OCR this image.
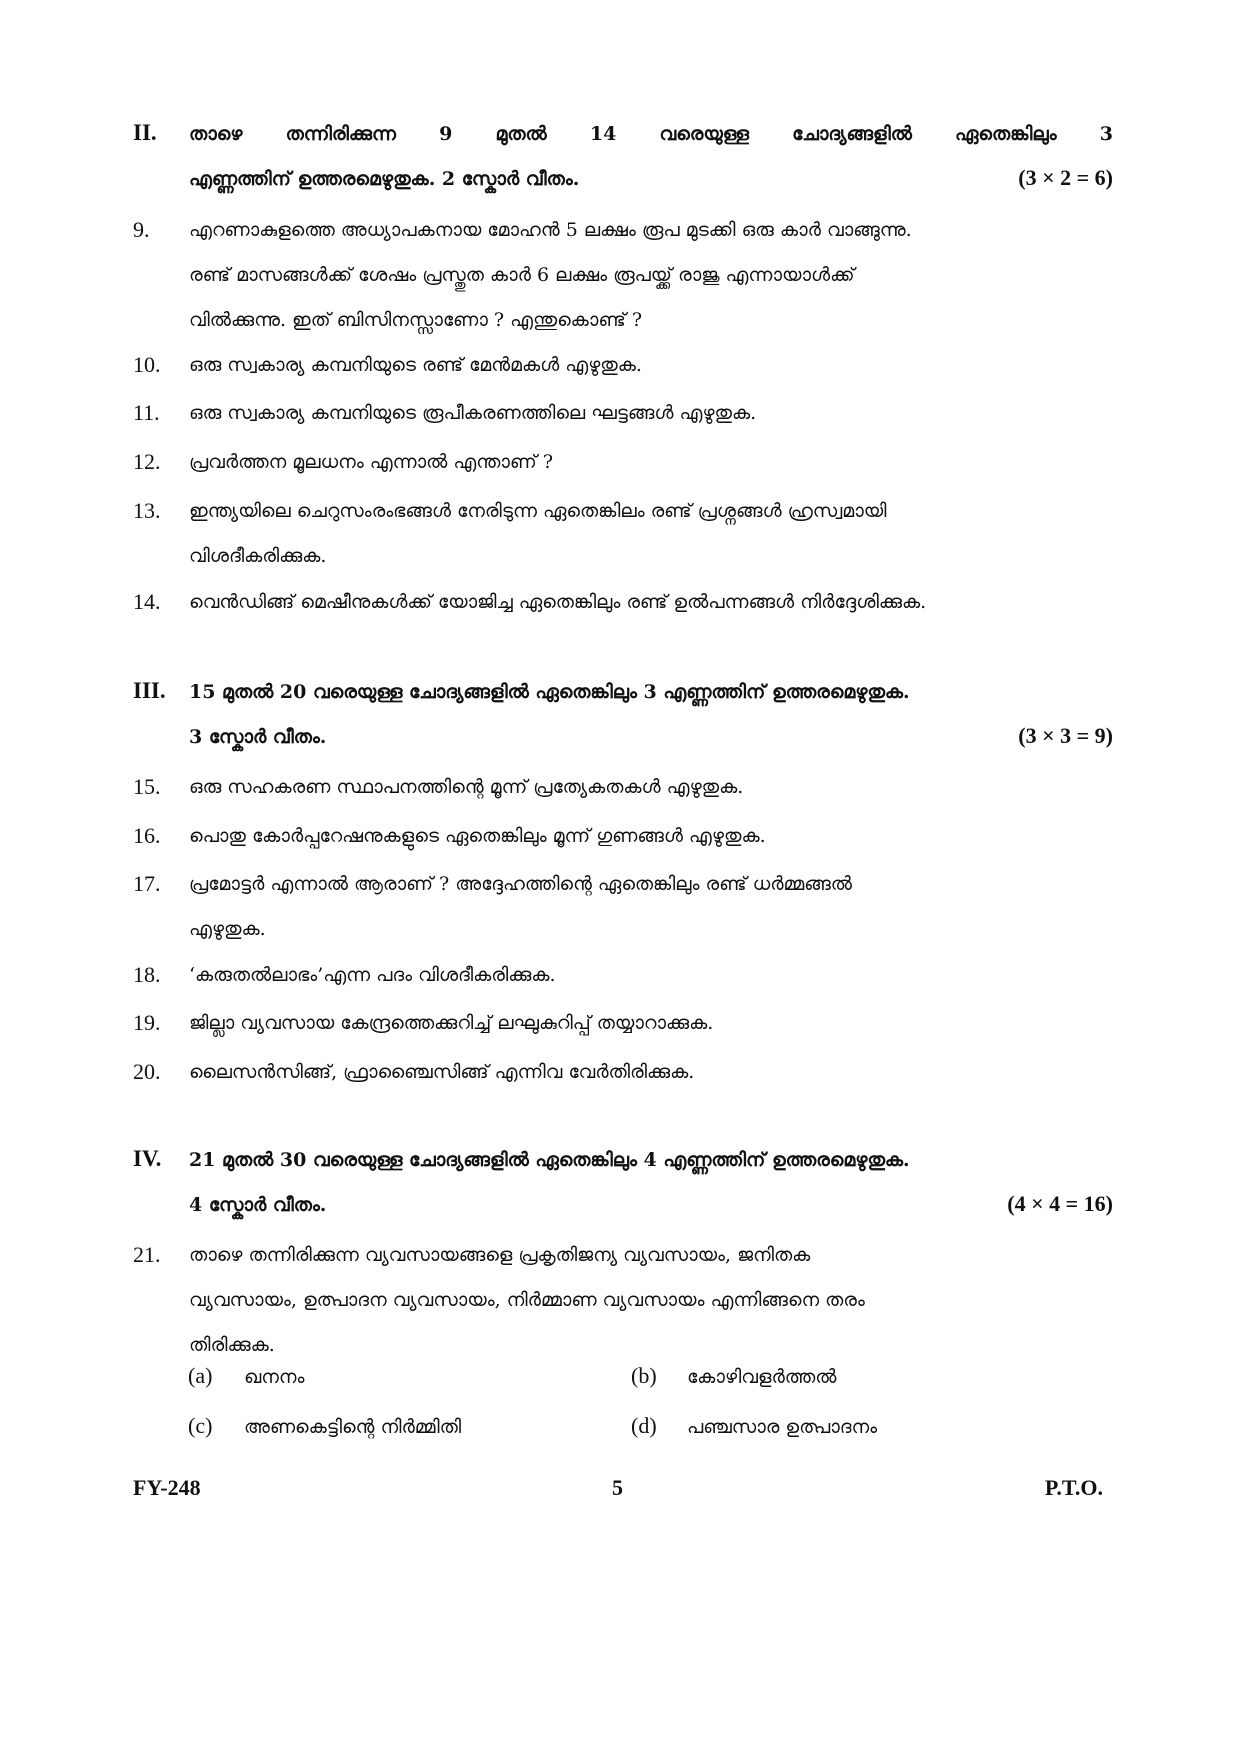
II. താഴെ തന്നിരിക്കുന്ന 9 മുതൽ 14 വരെയുള്ള ചോദ്യങ്ങളിൽ ഏതെങ്കിലും 3
എണ്ണത്തിന് ഉത്തരമെഴുതുക. 2 സ്കോർ വീതം.	(3 × 2 = 6)
9.	എറണാകുളത്തെ അധ്യാപകനായ മോഹൻ 5 ലക്ഷം രൂപ മുടക്കി ഒരു കാർ വാങ്ങുന്നു.
രണ്ട് മാസങ്ങൾക്ക് ശേഷം പ്രസ്തുത കാർ 6 ലക്ഷം രൂപയ്ക്ക് രാജു എന്നായാൾക്ക്
വിൽക്കുന്നു. ഇത് ബിസിനസ്സാണോ ? എന്തുകൊണ്ട് ?
10.	ഒരു സ്വകാര്യ കമ്പനിയുടെ രണ്ട് മേൻമകൾ എഴുതുക.
11.	ഒരു സ്വകാര്യ കമ്പനിയുടെ രൂപീകരണത്തിലെ ഘട്ടങ്ങൾ എഴുതുക.
12.	പ്രവർത്തന മൂലധനം എന്നാൽ എന്താണ് ?
13.	ഇന്ത്യയിലെ ചെറുസംരംഭങ്ങൾ നേരിടുന്ന ഏതെങ്കിലം രണ്ട് പ്രശ്നങ്ങൾ ഹ്രസ്വമായി
വിശദീകരിക്കുക.
14.	വെൻഡിങ്ങ് മെഷീനുകൾക്ക് യോജിച്ച ഏതെങ്കിലും രണ്ട് ഉൽപന്നങ്ങൾ നിർദ്ദേശിക്കുക.
III. 15 മുതൽ 20 വരെയുള്ള ചോദ്യങ്ങളിൽ ഏതെങ്കിലും 3 എണ്ണത്തിന് ഉത്തരമെഴുതുക.
3 സ്കോർ വീതം.	(3 × 3 = 9)
15.	ഒരു സഹകരണ സ്ഥാപനത്തിന്റെ മൂന്ന് പ്രത്യേകതകൾ എഴുതുക.
16.	പൊതു കോർപ്പറേഷനുകളുടെ ഏതെങ്കിലും മൂന്ന് ഗുണങ്ങൾ എഴുതുക.
17.	പ്രമോട്ടർ എന്നാൽ ആരാണ് ? അദ്ദേഹത്തിന്റെ ഏതെങ്കിലും രണ്ട് ധർമ്മങ്ങൽ
എഴുതുക.
18.	‘കരുതൽലാഭം’എന്ന പദം വിശദീകരിക്കുക.
19.	ജില്ലാ വ്യവസായ കേന്ദ്രത്തെക്കുറിച്ച് ലഘുകുറിപ്പ് തയ്യാറാക്കുക.
20.	ലൈസൻസിങ്ങ്, ഫ്രാഞ്ചൈസിങ്ങ് എന്നിവ വേർതിരിക്കുക.
IV. 21 മുതൽ 30 വരെയുള്ള ചോദ്യങ്ങളിൽ ഏതെങ്കിലും 4 എണ്ണത്തിന് ഉത്തരമെഴുതുക.
4 സ്കോർ വീതം.	(4 × 4 = 16)
21.	താഴെ തന്നിരിക്കുന്ന വ്യവസായങ്ങളെ പ്രകൃതിജന്യ വ്യവസായം, ജനിതക
വ്യവസായം, ഉത്പാദന വ്യവസായം, നിർമ്മാണ വ്യവസായം എന്നിങ്ങനെ തരം
തിരിക്കുക.
(a) ഖനനം	(b) കോഴിവളർത്തൽ
(c) അണകെട്ടിന്റെ നിർമ്മിതി	(d) പഞ്ചസാര ഉത്പാദനം
FY-248	5	P.T.O.
